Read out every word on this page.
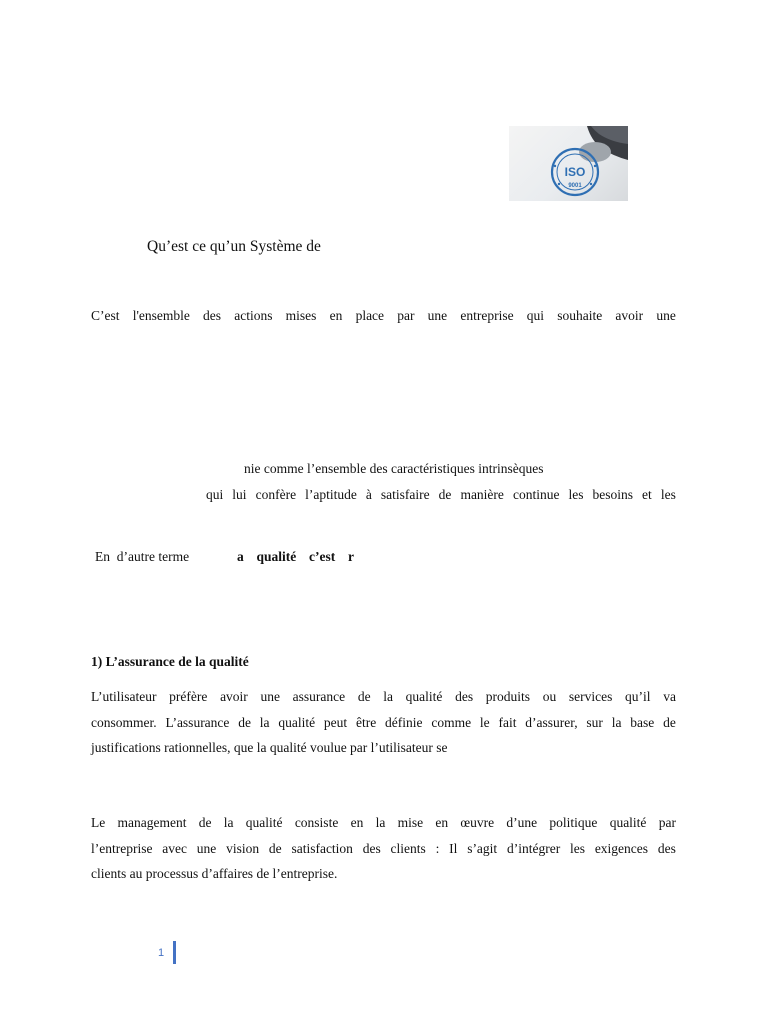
ISO
9001
Qu’est ce qu’un Système de
C’est l'ensemble des actions mises en place par une entreprise qui souhaite avoir une
nie comme l’ensemble des caractéristiques intrinsèques
qui lui confère l’aptitude à satisfaire de manière continue les besoins et les
En  d’autre terme	a  qualité  c’est  r
1) L’assurance de la qualité
L’utilisateur préfère avoir une assurance de la qualité des produits ou services qu’il va
consommer. L’assurance de la qualité peut être définie comme le fait d’assurer, sur la base de
justifications rationnelles, que la qualité voulue par l’utilisateur se
Le management de la qualité consiste en la mise en œuvre d’une politique qualité par
l’entreprise avec une vision de satisfaction des clients : Il s’agit d’intégrer les exigences des
clients au processus d’affaires de l’entreprise.
1
